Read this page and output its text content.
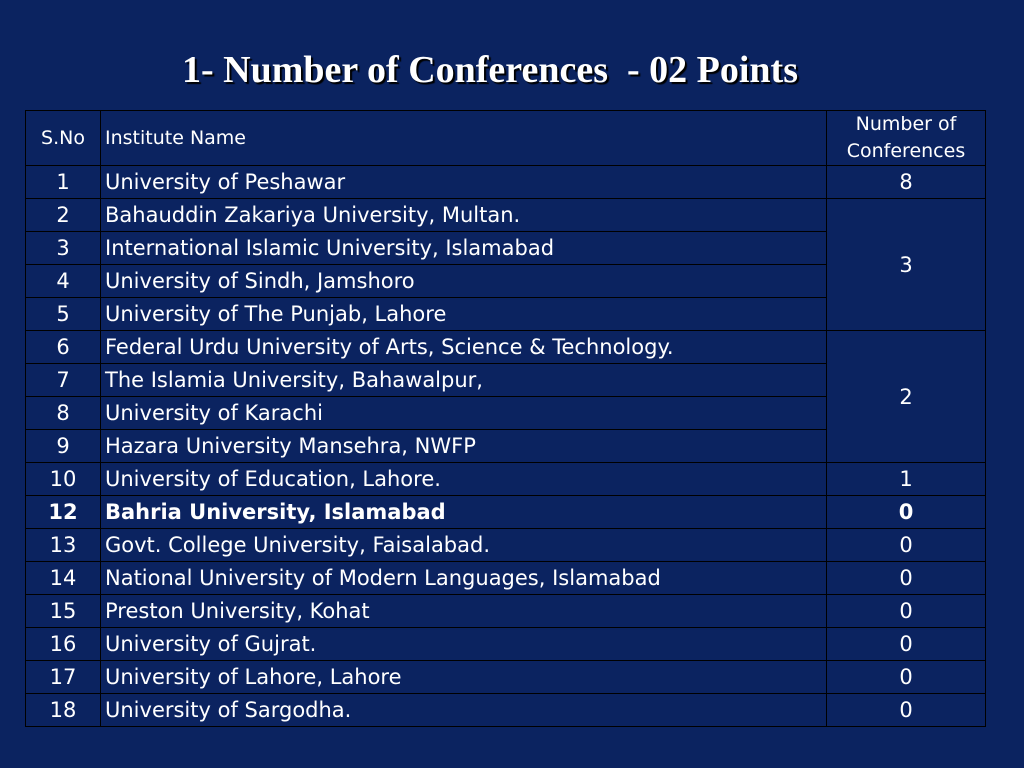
1- Number of Conferences  - 02 Points
S.No	Institute Name	Number of Conferences
1	University of Peshawar	8
2	Bahauddin Zakariya University, Multan.	3
3	International Islamic University, Islamabad	
4	University of Sindh, Jamshoro	
5	University of The Punjab, Lahore	
6	Federal Urdu University of Arts, Science & Technology.	2
7	The Islamia University, Bahawalpur,	
8	University of Karachi	
9	Hazara University Mansehra, NWFP	
10	University of Education, Lahore.	1
12	Bahria University, Islamabad	0
13	Govt. College University, Faisalabad.	0
14	National University of Modern Languages, Islamabad	0
15	Preston University, Kohat	0
16	University of Gujrat.	0
17	University of Lahore, Lahore	0
18	University of Sargodha.	0
